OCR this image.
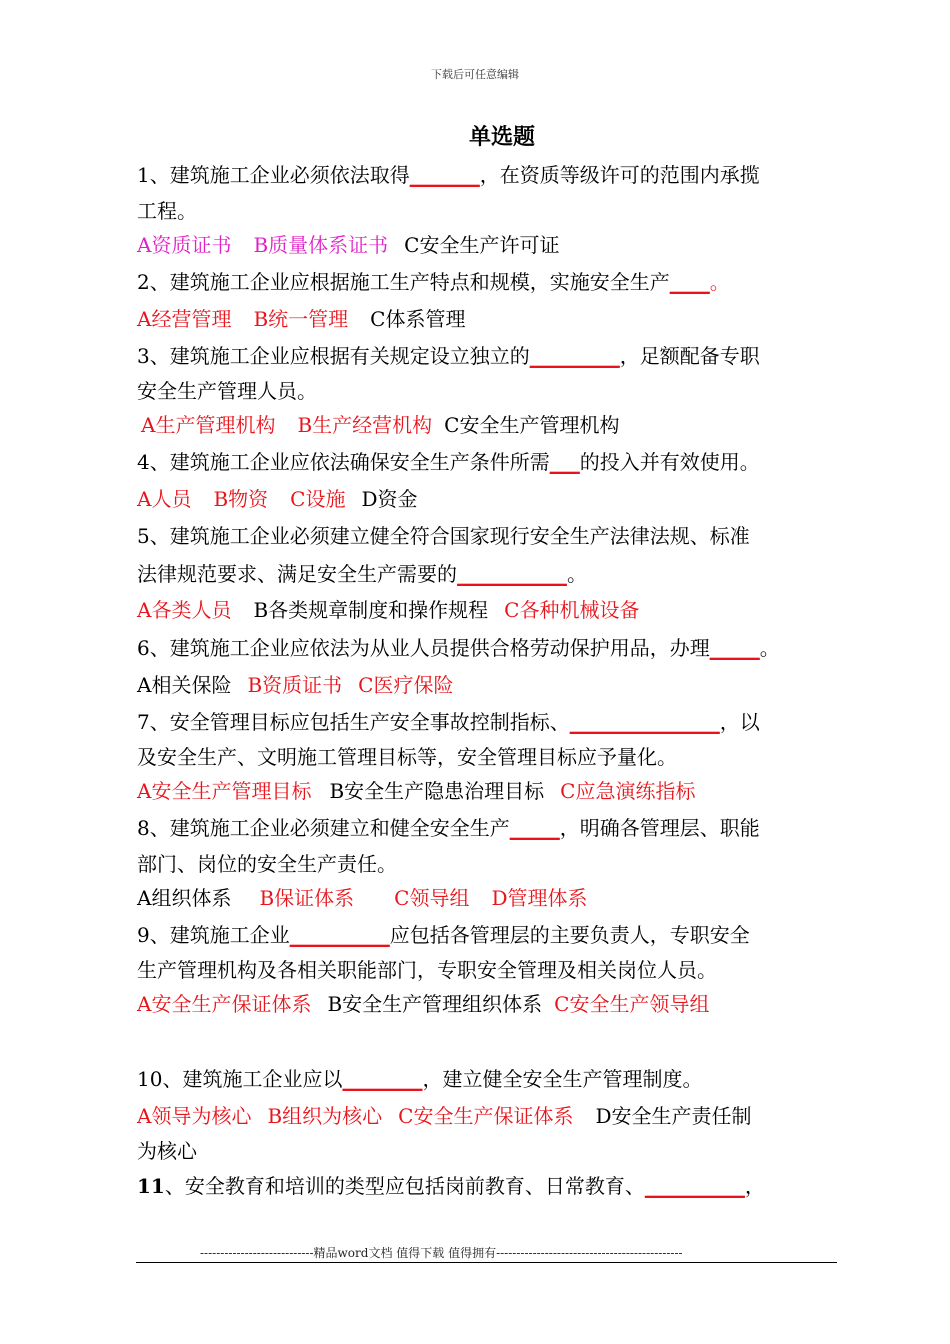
下载后可任意编辑
单选题
1、建筑施工企业必须依法取得_______，在资质等级许可的范围内承揽
工程。
A资质证书 B质量体系证书 C安全生产许可证
2、建筑施工企业应根据施工生产特点和规模，实施安全生产____。
A经营管理 B统一管理 C体系管理
3、建筑施工企业应根据有关规定设立独立的_________，足额配备专职
安全生产管理人员。
A生产管理机构 B生产经营机构 C安全生产管理机构
4、建筑施工企业应依法确保安全生产条件所需___的投入并有效使用。
A人员 B物资 C设施 D资金
5、建筑施工企业必须建立健全符合国家现行安全生产法律法规、标准
法律规范要求、满足安全生产需要的___________。
A各类人员 B各类规章制度和操作规程 C各种机械设备
6、建筑施工企业应依法为从业人员提供合格劳动保护用品，办理_____。
A相关保险 B资质证书 C医疗保险
7、安全管理目标应包括生产安全事故控制指标、_______________，以
及安全生产、文明施工管理目标等，安全管理目标应予量化。
A安全生产管理目标 B安全生产隐患治理目标 C应急演练指标
8、建筑施工企业必须建立和健全安全生产_____，明确各管理层、职能
部门、岗位的安全生产责任。
A组织体系 B保证体系 C领导组 D管理体系
9、建筑施工企业__________应包括各管理层的主要负责人，专职安全
生产管理机构及各相关职能部门，专职安全管理及相关岗位人员。
A安全生产保证体系 B安全生产管理组织体系 C安全生产领导组
10、建筑施工企业应以________，建立健全安全生产管理制度。
A领导为核心 B组织为核心 C安全生产保证体系 D安全生产责任制
为核心
11、安全教育和培训的类型应包括岗前教育、日常教育、__________，
----------------------------精品word文档 值得下载 值得拥有----------------------------------------------
